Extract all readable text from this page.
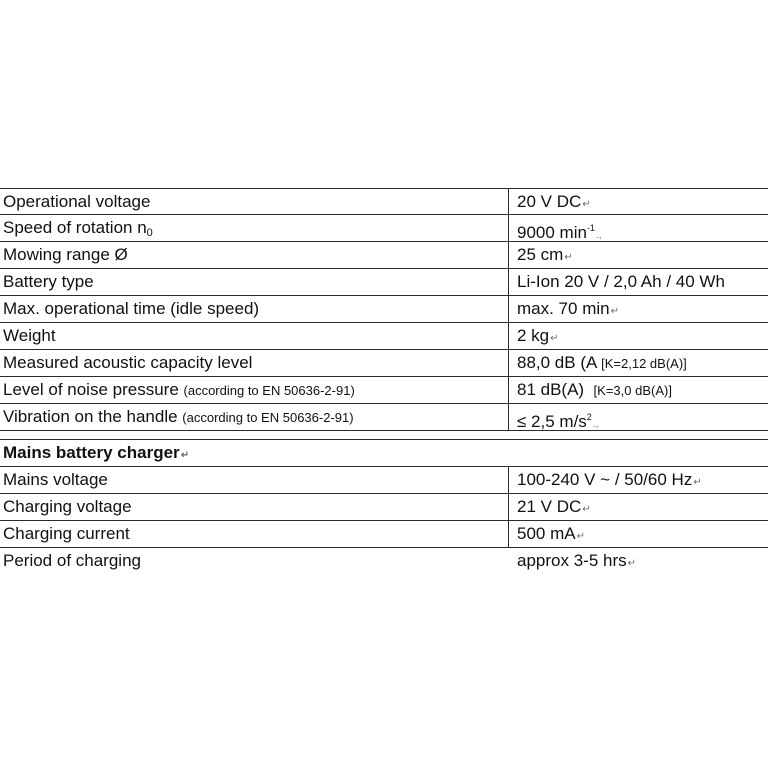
Operational voltage	20 V DC↵
Speed of rotation $n_0$	9000 $\min^{-1}$.,
Mowing range Ø	25 cm↵
Battery type	Li-Ion 20 V / 2,0 Ah / 40 Wh
Max. operational time (idle speed)	max. 70 min↵
Weight	2 kg↵
Measured acoustic capacity level	88,0 dB (A [K=2,12 dB(A)]
Level of noise pressure (according to EN 50636-2-91)	81 dB(A) [K=3,0 dB(A)]
Vibration on the handle (according to EN 50636-2-91)	≤ 2,5 $m/s^2$.,
Mains battery charger↵
Mains voltage	100-240 V ~ / 50/60 Hz↵
Charging voltage	21 V DC↵
Charging current	500 mA↵
Period of charging	approx 3-5 hrs↵
